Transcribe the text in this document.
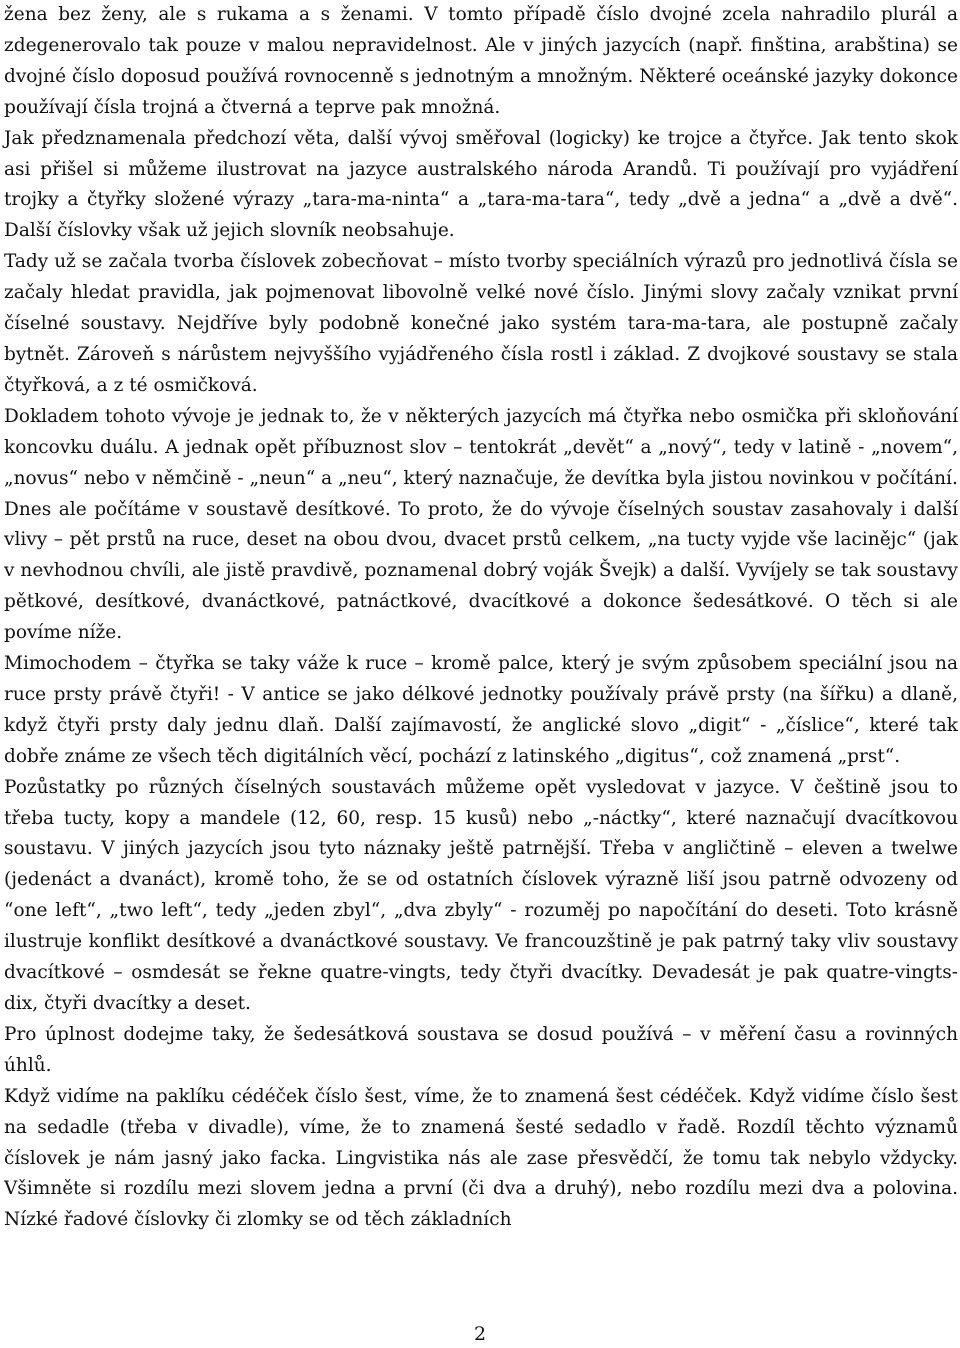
žena bez ženy, ale s rukama a s ženami. V tomto případě číslo dvojné zcela nahradilo plurál a zdegenerovalo tak pouze v malou nepravidelnost. Ale v jiných jazycích (např. finština, arabština) se dvojné číslo doposud používá rovnocenně s jednotným a množným. Některé oceánské jazyky dokonce používají čísla trojná a čtverná a teprve pak množná.

Jak předznamenala předchozí věta, další vývoj směřoval (logicky) ke trojce a čtyřce. Jak tento skok asi přišel si můžeme ilustrovat na jazyce australského národa Arandů. Ti používají pro vyjádření trojky a čtyřky složené výrazy „tara-ma-ninta“ a „tara-ma-tara“, tedy „dvě a jedna“ a „dvě a dvě“. Další číslovky však už jejich slovník neobsahuje.

Tady už se začala tvorba číslovek zobecňovat – místo tvorby speciálních výrazů pro jednotlivá čísla se začaly hledat pravidla, jak pojmenovat libovolně velké nové číslo. Jinými slovy začaly vznikat první číselné soustavy. Nejdříve byly podobně konečné jako systém tara-ma-tara, ale postupně začaly bytnět. Zároveň s nárůstem nejvyššího vyjádřeného čísla rostl i základ. Z dvojkové soustavy se stala čtyřková, a z té osmičková.

Dokladem tohoto vývoje je jednak to, že v některých jazycích má čtyřka nebo osmička při skloňování koncovku duálu. A jednak opět příbuznost slov – tentokrát „devět“ a „nový“, tedy v latině - „novem“, „novus“ nebo v němčině - „neun“ a „neu“, který naznačuje, že devítka byla jistou novinkou v počítání.

Dnes ale počítáme v soustavě desítkové. To proto, že do vývoje číselných soustav zasahovaly i další vlivy – pět prstů na ruce, deset na obou dvou, dvacet prstů celkem, „na tucty vyjde vše laciněјc“ (jak v nevhodnou chvíli, ale jistě pravdivě, poznamenal dobrý voják Švejk) a další. Vyvíjely se tak soustavy pětkové, desítkové, dvanáctkové, patnáctkové, dvacítkové a dokonce šedesátkové. O těch si ale povíme níže.

Mimochodem – čtyřka se taky váže k ruce – kromě palce, který je svým způsobem speciální jsou na ruce prsty právě čtyři! - V antice se jako délkové jednotky používaly právě prsty (na šířku) a dlaně, když čtyři prsty daly jednu dlaň. Další zajímavostí, že anglické slovo „digit“ - „číslice“, které tak dobře známe ze všech těch digitálních věcí, pochází z latinského „digitus“, což znamená „prst“.

Pozůstatky po různých číselných soustavách můžeme opět vysledovat v jazyce. V češtině jsou to třeba tucty, kopy a mandele (12, 60, resp. 15 kusů) nebo „-náctky“, které naznačují dvacítkovou soustavu. V jiných jazycích jsou tyto náznaky ještě patrnější. Třeba v angličtině – eleven a twelwe (jedenáct a dvanáct), kromě toho, že se od ostatních číslovek výrazně liší jsou patrně odvozeny od “one left“, „two left“, tedy „jeden zbyl“, „dva zbyly“ - rozuměj po napočítání do deseti. Toto krásně ilustruje konflikt desítkové a dvanáctkové soustavy. Ve francouzštině je pak patrný taky vliv soustavy dvacítkové – osmdesát se řekne quatre-vingts, tedy čtyři dvacítky. Devadesát je pak quatre-vingts-dix, čtyři dvacítky a deset.

Pro úplnost dodejme taky, že šedesátková soustava se dosud používá – v měření času a rovinných úhlů.

Když vidíme na paklíku cédéček číslo šest, víme, že to znamená šest cédéček. Když vidíme číslo šest na sedadle (třeba v divadle), víme, že to znamená šesté sedadlo v řadě. Rozdíl těchto významů číslovek je nám jasný jako facka. Lingvistika nás ale zase přesvědčí, že tomu tak nebylo vždycky. Všimněte si rozdílu mezi slovem jedna a první (či dva a druhý), nebo rozdílu mezi dva a polovina. Nízké řadové číslovky či zlomky se od těch základních

2
